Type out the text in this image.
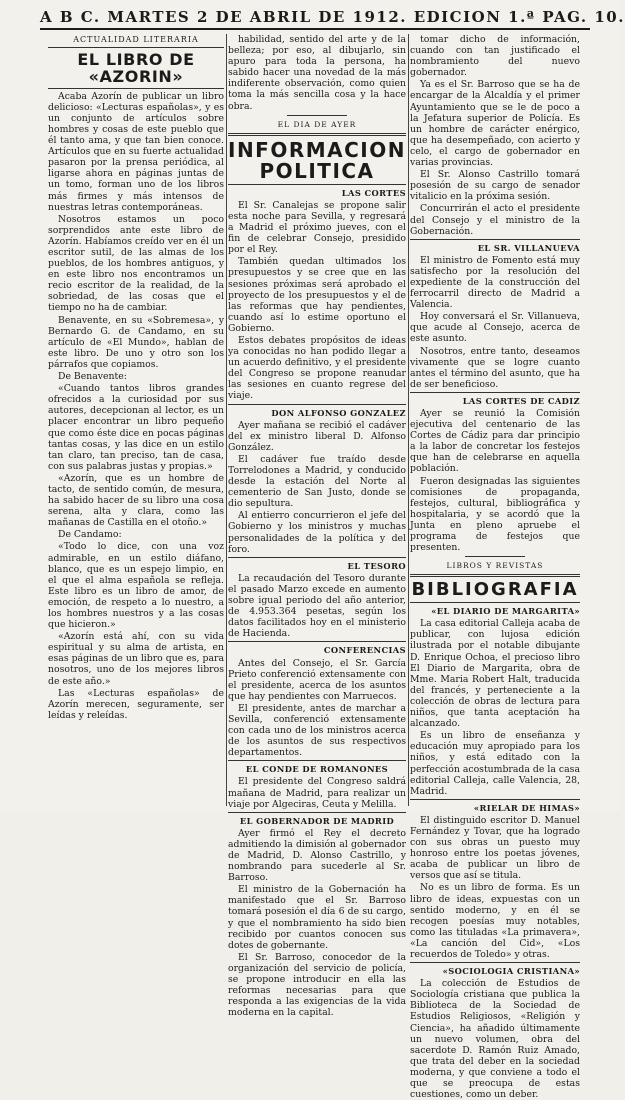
A B C. MARTES 2 DE ABRIL DE 1912. EDICION 1.ª PAG. 10.
ACTUALIDAD LITERARIA
EL LIBRO DE «AZORIN»
Acaba Azorín de publicar un libro delicioso: «Lecturas españolas», y es un conjunto de artículos sobre hombres y cosas de este pueblo que él tanto ama, y que tan bien conoce. Artículos que en su fuerte actualidad pasaron por la prensa periódica, al ligarse ahora en páginas juntas de un tomo, forman uno de los libros más firmes y más intensos de nuestras letras contemporáneas.
Nosotros estamos un poco sorprendidos ante este libro de Azorín. Habíamos creído ver en él un escritor sutil, de las almas de los pueblos, de los hombres antiguos, y en este libro nos encontramos un recio escritor de la realidad, de la sobriedad, de las cosas que el tiempo no ha de cambiar.
Benavente, en su «Sobremesa», y Bernardo G. de Candamo, en su artículo de «El Mundo», hablan de este libro. De uno y otro son los párrafos que copiamos.
De Benavente:
«Cuando tantos libros grandes ofrecidos a la curiosidad por sus autores, decepcionan al lector, es un placer encontrar un libro pequeño que como éste dice en pocas páginas tantas cosas, y las dice en un estilo tan claro, tan preciso, tan de casa, con sus palabras justas y propias.»
«Azorín, que es un hombre de tacto, de sentido común, de mesura, ha sabido hacer de su libro una cosa serena, alta y clara, como las mañanas de Castilla en el otoño.»
De Candamo:
«Todo lo dice, con una voz admirable, en un estilo diáfano, blanco, que es un espejo limpio, en el que el alma española se refleja. Este libro es un libro de amor, de emoción, de respeto a lo nuestro, a los hombres nuestros y a las cosas que hicieron.»
«Azorín está ahí, con su vida espiritual y su alma de artista, en esas páginas de un libro que es, para nosotros, uno de los mejores libros de este año.»
Las «Lecturas españolas» de Azorín merecen, seguramente, ser leídas y releídas.
habilidad, sentido del arte y de la belleza; por eso, al dibujarlo, sin apuro para toda la persona, ha sabido hacer una novedad de la más indiferente observación, como quien toma la más sencilla cosa y la hace obra.
EL DIA DE AYER
INFORMACION POLITICA
LAS CORTES
El Sr. Canalejas se propone salir esta noche para Sevilla, y regresará a Madrid el próximo jueves, con el fin de celebrar Consejo, presidido por el Rey.
También quedan ultimados los presupuestos y se cree que en las sesiones próximas será aprobado el proyecto de los presupuestos y el de las reformas que hay pendientes, cuando así lo estime oportuno el Gobierno.
Estos debates propósitos de ideas ya conocidas no han podido llegar a un acuerdo definitivo, y el presidente del Congreso se propone reanudar las sesiones en cuanto regrese del viaje.
DON ALFONSO GONZALEZ
Ayer mañana se recibió el cadáver del ex ministro liberal D. Alfonso González.
El cadáver fue traído desde Torrelodones a Madrid, y conducido desde la estación del Norte al cementerio de San Justo, donde se dio sepultura.
Al entierro concurrieron el jefe del Gobierno y los ministros y muchas personalidades de la política y del foro.
EL TESORO
La recaudación del Tesoro durante el pasado Marzo excede en aumento sobre igual periodo del año anterior, de 4.953.364 pesetas, según los datos facilitados hoy en el ministerio de Hacienda.
CONFERENCIAS
Antes del Consejo, el Sr. García Prieto conferenció extensamente con el presidente, acerca de los asuntos que hay pendientes con Marruecos.
El presidente, antes de marchar a Sevilla, conferenció extensamente con cada uno de los ministros acerca de los asuntos de sus respectivos departamentos.
EL CONDE DE ROMANONES
El presidente del Congreso saldrá mañana de Madrid, para realizar un viaje por Algeciras, Ceuta y Melilla.
EL GOBERNADOR DE MADRID
Ayer firmó el Rey el decreto admitiendo la dimisión al gobernador de Madrid, D. Alonso Castrillo, y nombrando para sucederle al Sr. Barroso.
El ministro de la Gobernación ha manifestado que el Sr. Barroso tomará posesión el día 6 de su cargo, y que el nombramiento ha sido bien recibido por cuantos conocen sus dotes de gobernante.
El Sr. Barroso, conocedor de la organización del servicio de policía, se propone introducir en ella las reformas necesarias para que responda a las exigencias de la vida moderna en la capital.
tomar dicho de información, cuando con tan justificado el nombramiento del nuevo gobernador.
Ya es el Sr. Barroso que se ha de encargar de la Alcaldía y el primer Ayuntamiento que se le de poco a la Jefatura superior de Policía. Es un hombre de carácter enérgico, que ha desempeñado, con acierto y celo, el cargo de gobernador en varias provincias.
El Sr. Alonso Castrillo tomará posesión de su cargo de senador vitalicio en la próxima sesión.
Concurrirán el acto el presidente del Consejo y el ministro de la Gobernación.
EL SR. VILLANUEVA
El ministro de Fomento está muy satisfecho por la resolución del expediente de la construcción del ferrocarril directo de Madrid a Valencia.
Hoy conversará el Sr. Villanueva, que acude al Consejo, acerca de este asunto.
Nosotros, entre tanto, deseamos vivamente que se logre cuanto antes el término del asunto, que ha de ser beneficioso.
LAS CORTES DE CADIZ
Ayer se reunió la Comisión ejecutiva del centenario de las Cortes de Cádiz para dar principio a la labor de concretar los festejos que han de celebrarse en aquella población.
Fueron designadas las siguientes comisiones de propaganda, festejos, cultural, bibliográfica y hospitalaria, y se acordó que la Junta en pleno apruebe el programa de festejos que presenten.
LIBROS Y REVISTAS
BIBLIOGRAFIA
«EL DIARIO DE MARGARITA»
La casa editorial Calleja acaba de publicar, con lujosa edición ilustrada por el notable dibujante D. Enrique Ochoa, el precioso libro El Diario de Margarita, obra de Mme. Maria Robert Halt, traducida del francés, y perteneciente a la colección de obras de lectura para niños, que tanta aceptación ha alcanzado.
Es un libro de enseñanza y educación muy apropiado para los niños, y está editado con la perfección acostumbrada de la casa editorial Calleja, calle Valencia, 28, Madrid.
«RIELAR DE HIMAS»
El distinguido escritor D. Manuel Fernández y Tovar, que ha logrado con sus obras un puesto muy honroso entre los poetas jóvenes, acaba de publicar un libro de versos que así se titula.
No es un libro de forma. Es un libro de ideas, expuestas con un sentido moderno, y en él se recogen poesías muy notables, como las tituladas «La primavera», «La canción del Cid», «Los recuerdos de Toledo» y otras.
«SOCIOLOGIA CRISTIANA»
La colección de Estudios de Sociología cristiana que publica la Biblioteca de la Sociedad de Estudios Religiosos, «Religión y Ciencia», ha añadido últimamente un nuevo volumen, obra del sacerdote D. Ramón Ruiz Amado, que trata del deber en la sociedad moderna, y que conviene a todo el que se preocupa de estas cuestiones, como un deber.
